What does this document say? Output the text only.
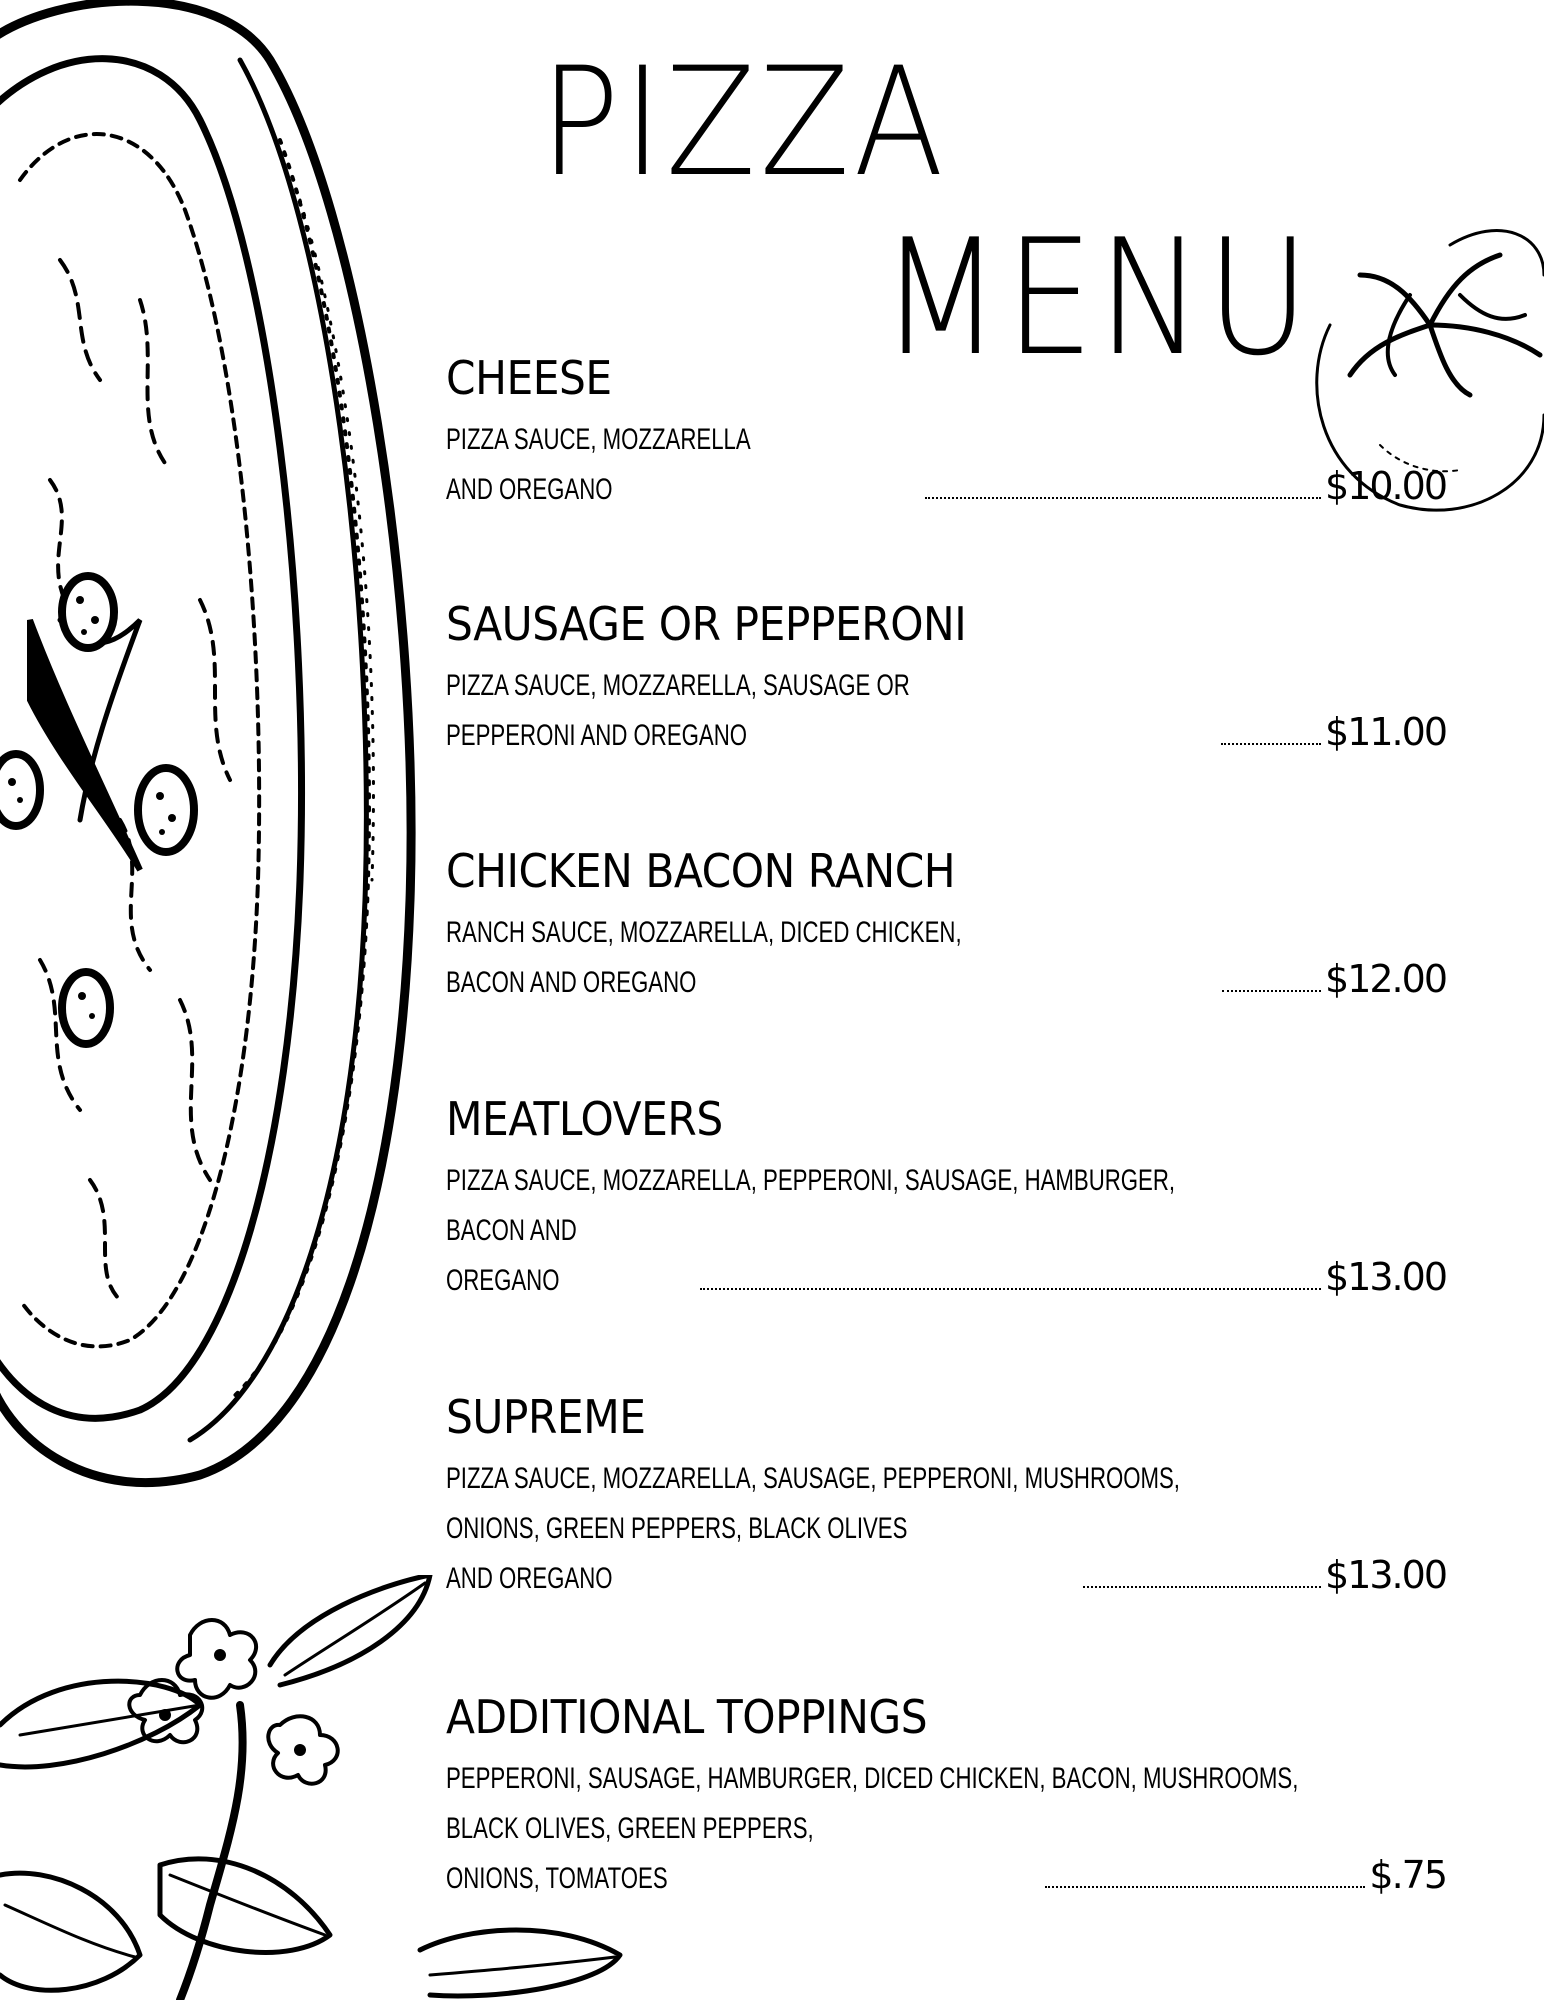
PIZZA
MENU
CHEESE
PIZZA SAUCE, MOZZARELLA AND OREGANO	$10.00
SAUSAGE OR PEPPERONI
PIZZA SAUCE, MOZZARELLA, SAUSAGE OR PEPPERONI AND OREGANO	$11.00
CHICKEN BACON RANCH
RANCH SAUCE, MOZZARELLA, DICED CHICKEN, BACON AND OREGANO	$12.00
MEATLOVERS
PIZZA SAUCE, MOZZARELLA, PEPPERONI, SAUSAGE, HAMBURGER,
BACON AND OREGANO	$13.00
SUPREME
PIZZA SAUCE, MOZZARELLA, SAUSAGE, PEPPERONI, MUSHROOMS,
ONIONS, GREEN PEPPERS, BLACK OLIVES AND OREGANO	$13.00
ADDITIONAL TOPPINGS
PEPPERONI, SAUSAGE, HAMBURGER, DICED CHICKEN, BACON, MUSHROOMS,
BLACK OLIVES, GREEN PEPPERS, ONIONS, TOMATOES	$.75
